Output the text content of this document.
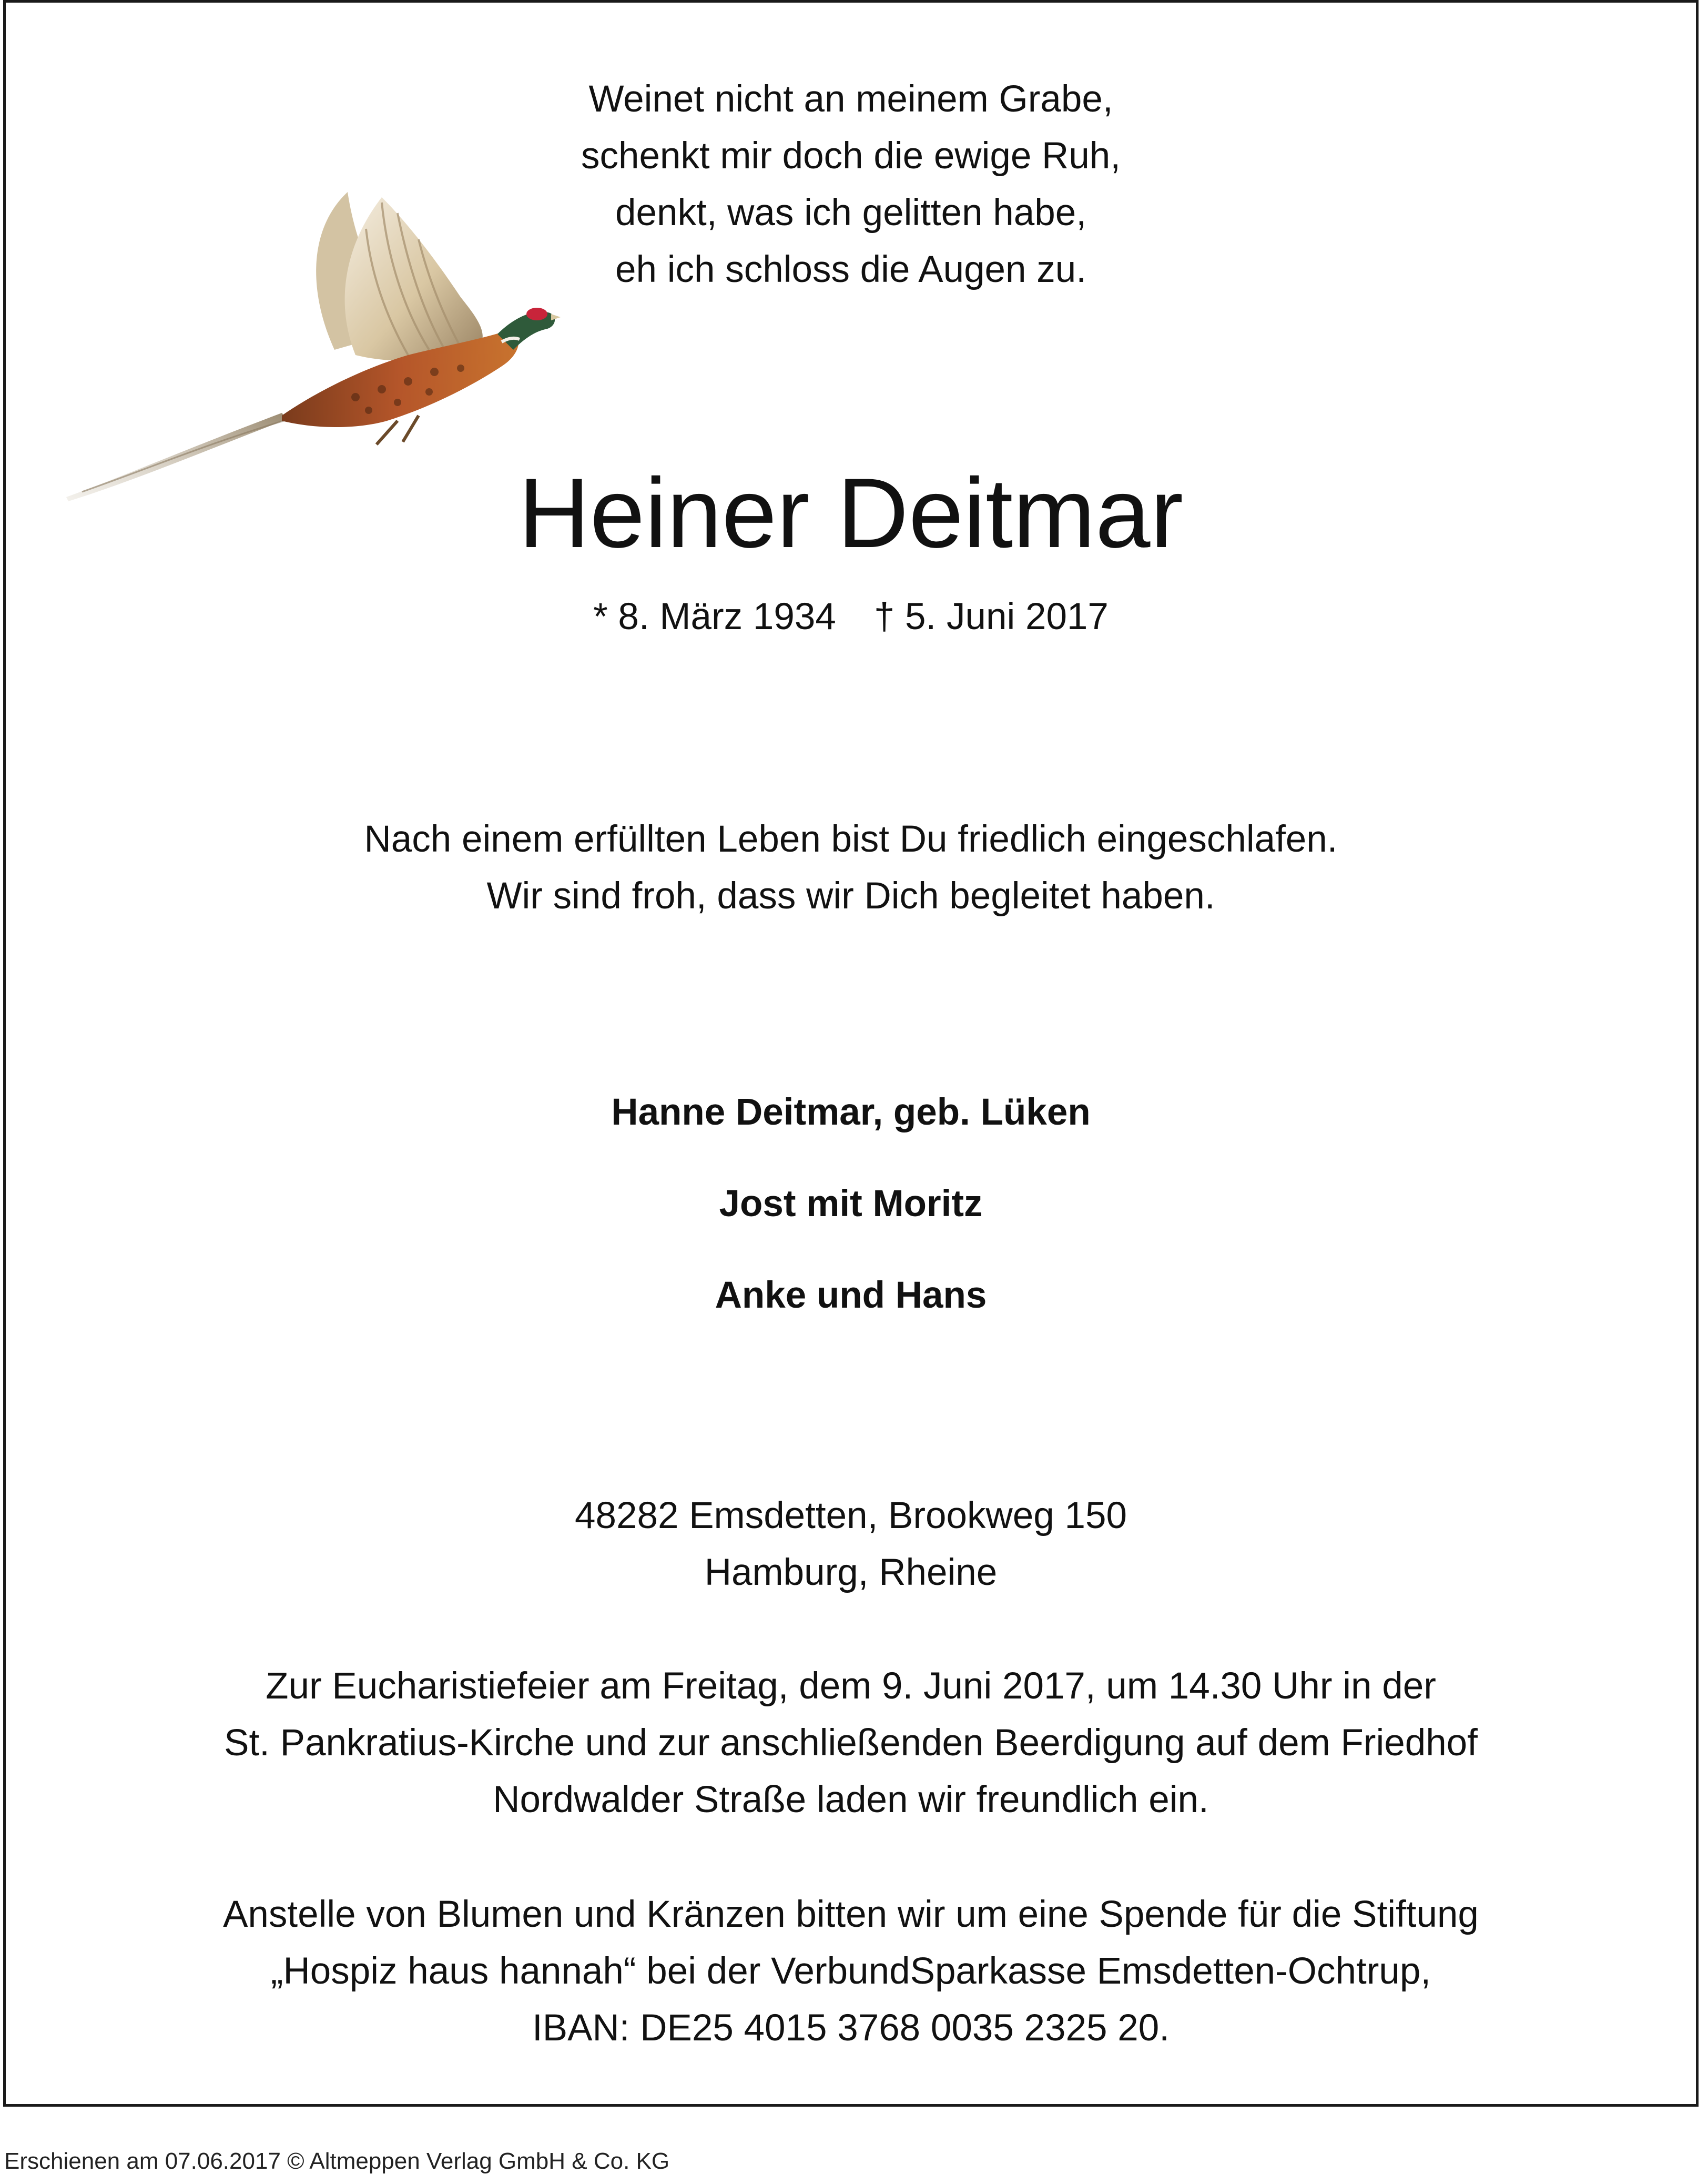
Weinet nicht an meinem Grabe,
schenkt mir doch die ewige Ruh,
denkt, was ich gelitten habe,
eh ich schloss die Augen zu.
Heiner Deitmar
* 8. März 1934 † 5. Juni 2017
Nach einem erfüllten Leben bist Du friedlich eingeschlafen.
Wir sind froh, dass wir Dich begleitet haben.
Hanne Deitmar, geb. Lüken
Jost mit Moritz
Anke und Hans
48282 Emsdetten, Brookweg 150
Hamburg, Rheine
Zur Eucharistiefeier am Freitag, dem 9. Juni 2017, um 14.30 Uhr in der
St. Pankratius-Kirche und zur anschließenden Beerdigung auf dem Friedhof
Nordwalder Straße laden wir freundlich ein.
Anstelle von Blumen und Kränzen bitten wir um eine Spende für die Stiftung
„Hospiz haus hannah“ bei der VerbundSparkasse Emsdetten-Ochtrup,
IBAN: DE25 4015 3768 0035 2325 20.
Erschienen am 07.06.2017 © Altmeppen Verlag GmbH & Co. KG
